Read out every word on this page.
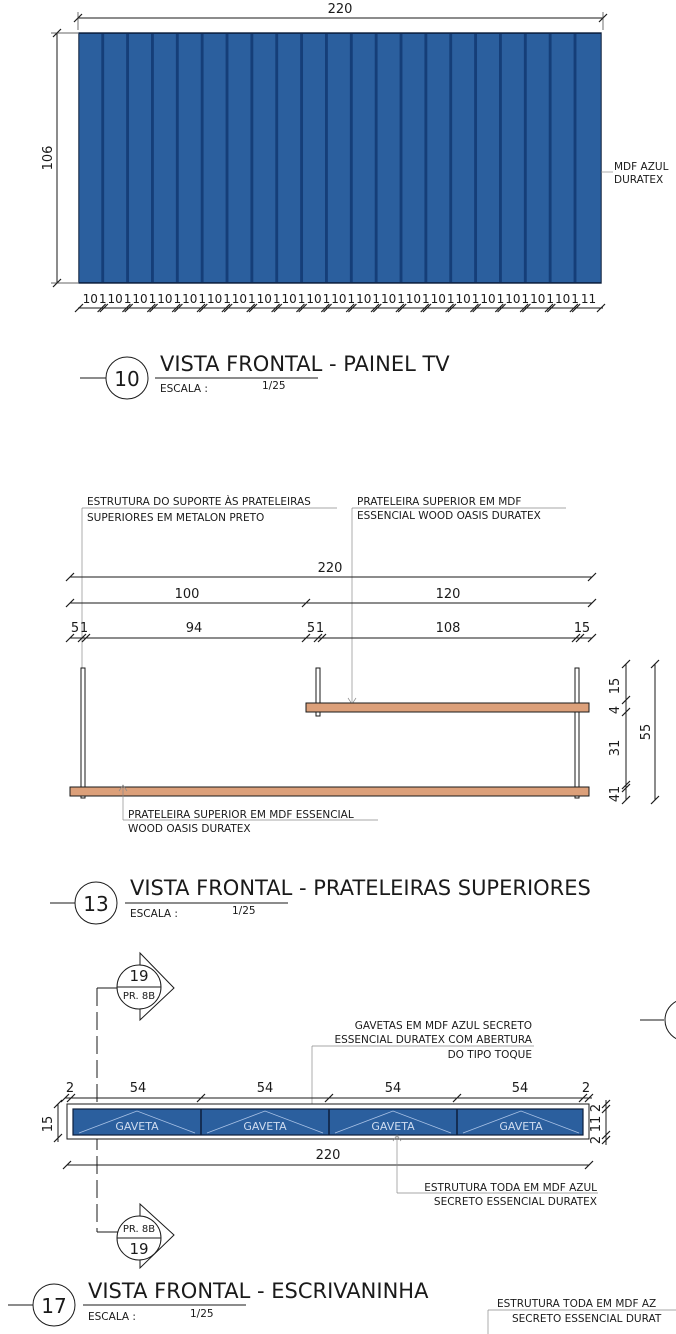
220
106	MDF AZUL
DURATEX
10 1 10 1 10 1 10 1 10 1 10 1 10 1 10 1 10 1 10 1 10 1 10 1 10 1 10 1 10 1 10 1 10 1 10 1 10 1 10 1 11
10
VISTA FRONTAL - PAINEL TV
ESCALA :	1/25
ESTRUTURA DO SUPORTE ÀS PRATELEIRAS
SUPERIORES EM METALON PRETO
PRATELEIRA SUPERIOR EM MDF
ESSENCIAL WOOD OASIS DURATEX
220
100	120
5 1	94	5 1	108	1 5
PRATELEIRA SUPERIOR EM MDF ESSENCIAL
WOOD OASIS DURATEX
15
4
31
1
4
55
13
VISTA FRONTAL - PRATELEIRAS SUPERIORES
ESCALA :	1/25
19
PR. 8B
PR. 8B
19
GAVETAS EM MDF AZUL SECRETO
ESSENCIAL DURATEX COM ABERTURA
DO TIPO TOQUE
2	54	54	54	54	2
15	GAVETA	GAVETA	GAVETA	GAVETA
2
11
2
220
ESTRUTURA TODA EM MDF AZUL
SECRETO ESSENCIAL DURATEX
17
VISTA FRONTAL - ESCRIVANINHA
ESCALA :	1/25
ESTRUTURA TODA EM MDF AZ
SECRETO ESSENCIAL DURAT
